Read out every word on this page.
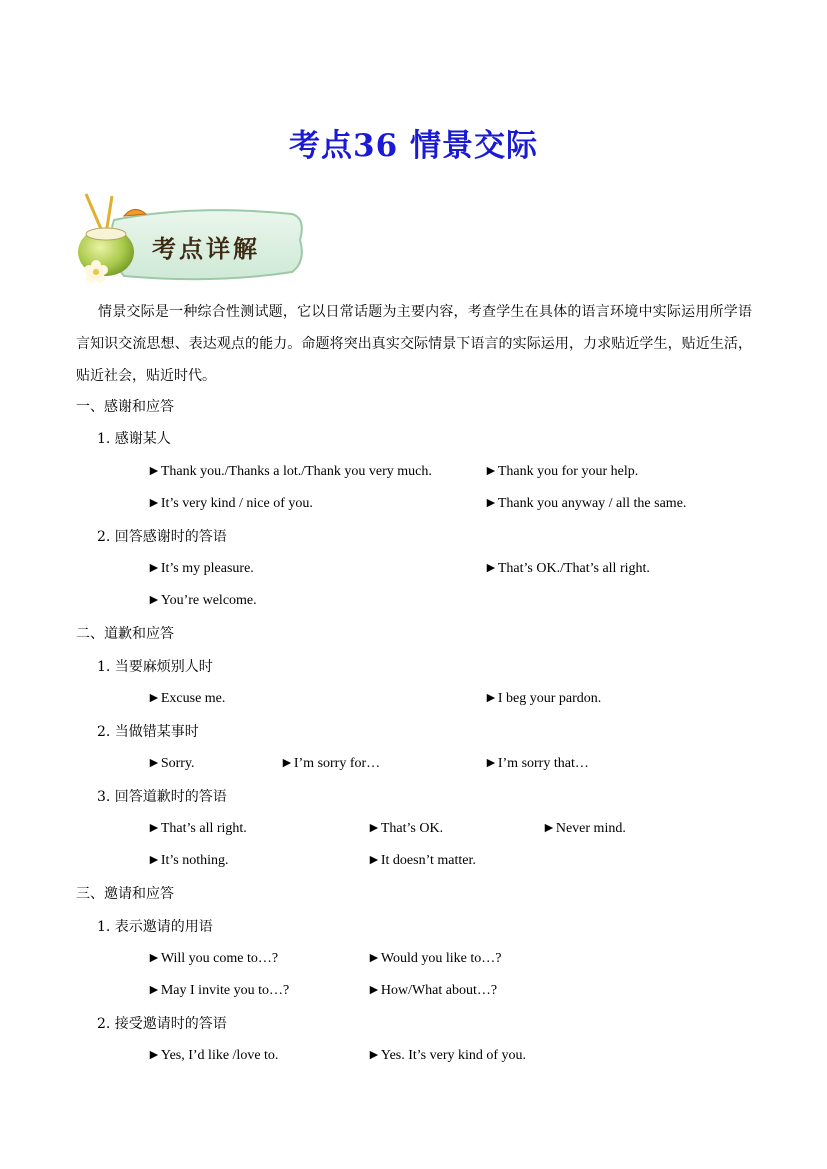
考点36 情景交际
考点详解
情景交际是一种综合性测试题，它以日常话题为主要内容，考查学生在具体的语言环境中实际运用所学语言知识交流思想、表达观点的能力。命题将突出真实交际情景下语言的实际运用，力求贴近学生，贴近生活，贴近社会，贴近时代。
一、感谢和应答
1. 感谢某人
►Thank you./Thanks a lot./Thank you very much.	►Thank you for your help.
►It’s very kind / nice of you.	►Thank you anyway / all the same.
2. 回答感谢时的答语
►It’s my pleasure.	►That’s OK./That’s all right.
►You’re welcome.
二、道歉和应答
1. 当要麻烦别人时
►Excuse me.	►I beg your pardon.
2. 当做错某事时
►Sorry.	►I’m sorry for…	►I’m sorry that…
3. 回答道歉时的答语
►That’s all right.	►That’s OK.	►Never mind.
►It’s nothing.	►It doesn’t matter.
三、邀请和应答
1. 表示邀请的用语
►Will you come to…?	►Would you like to…?
►May I invite you to…?	►How/What about…?
2. 接受邀请时的答语
►Yes, I’d like /love to.	►Yes. It’s very kind of you.
